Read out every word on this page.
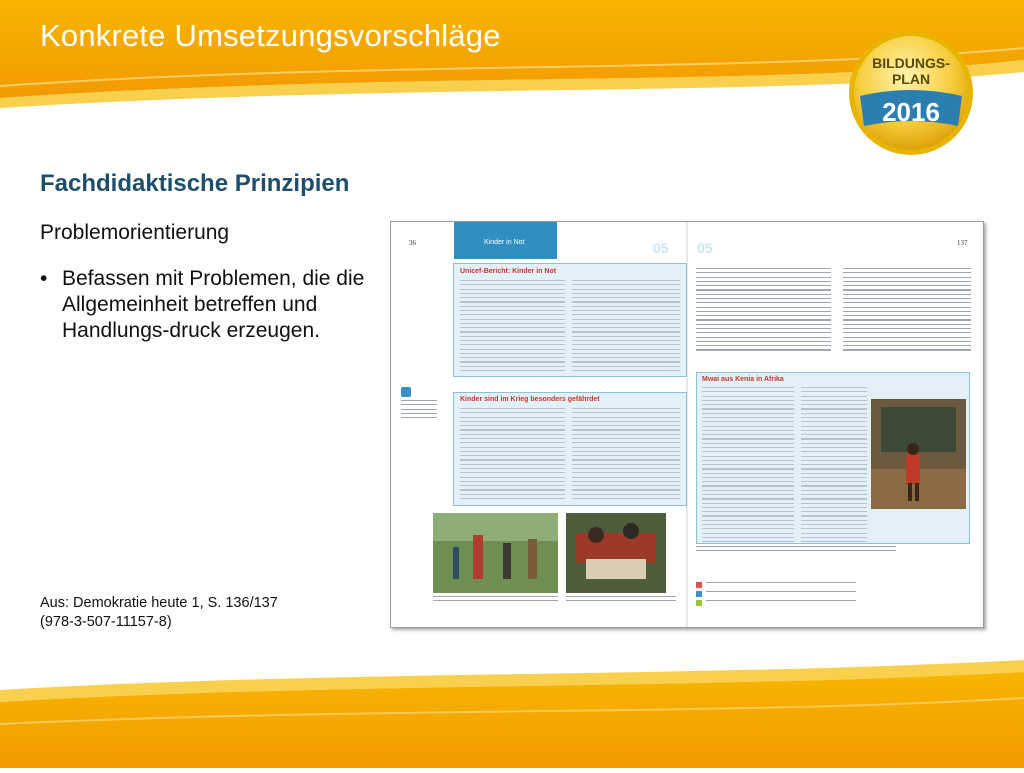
Konkrete Umsetzungsvorschläge
BILDUNGS-
PLAN
2016
Fachdidaktische Prinzipien
Problemorientierung
• Befassen mit Problemen, die die Allgemeinheit betreffen und Handlungs-druck erzeugen.
Aus: Demokratie heute 1, S. 136/137
(978-3-507-11157-8)
36	137
Kinder in Not	05 05
Unicef-Bericht: Kinder in Not
Kinder sind im Krieg besonders gefährdet
Mwai aus Kenia in Afrika
